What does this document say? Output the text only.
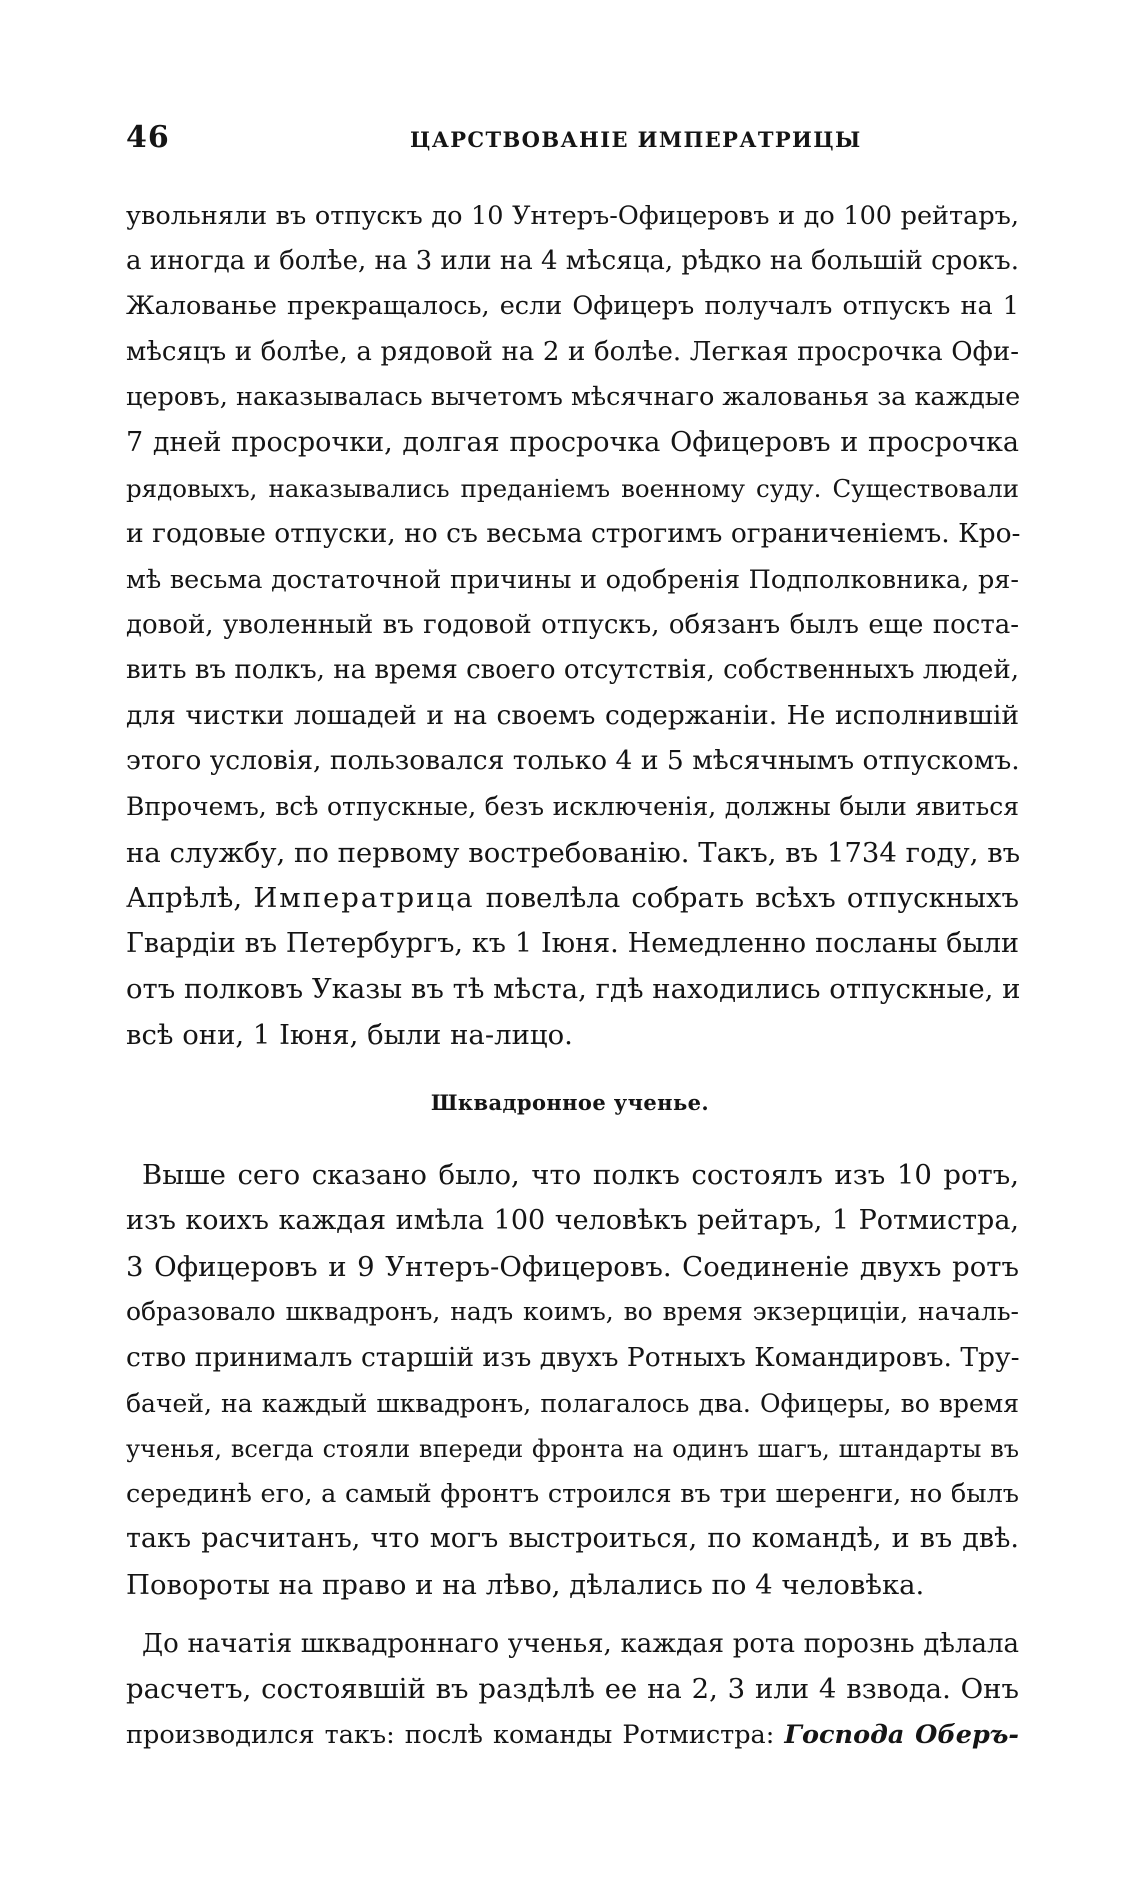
46	ЦАРСТВОВАНІЕ ИМПЕРАТРИЦЫ
увольняли въ отпускъ до 10 Унтеръ-Офицеровъ и до 100 рейтаръ,
а иногда и болѣе, на 3 или на 4 мѣсяца, рѣдко на большій срокъ.
Жалованье прекращалось, если Офицеръ получалъ отпускъ на 1
мѣсяцъ и болѣе, а рядовой на 2 и болѣе. Легкая просрочка Офи-
церовъ, наказывалась вычетомъ мѣсячнаго жалованья за каждые
7 дней просрочки, долгая просрочка Офицеровъ и просрочка
рядовыхъ, наказывались преданіемъ военному суду. Существовали
и годовые отпуски, но съ весьма строгимъ ограниченіемъ. Кро-
мѣ весьма достаточной причины и одобренія Подполковника, ря-
довой, уволенный въ годовой отпускъ, обязанъ былъ еще поста-
вить въ полкъ, на время своего отсутствія, собственныхъ людей,
для чистки лошадей и на своемъ содержаніи. Не исполнившій
этого условія, пользовался только 4 и 5 мѣсячнымъ отпускомъ.
Впрочемъ, всѣ отпускные, безъ исключенія, должны были явиться
на службу, по первому востребованію. Такъ, въ 1734 году, въ
Апрѣлѣ, Императрица повелѣла собрать всѣхъ отпускныхъ
Гвардіи въ Петербургъ, къ 1 Іюня. Немедленно посланы были
отъ полковъ Указы въ тѣ мѣста, гдѣ находились отпускные, и
всѣ они, 1 Іюня, были на-лицо.
Шквадронное ученье.
Выше сего сказано было, что полкъ состоялъ изъ 10 ротъ,
изъ коихъ каждая имѣла 100 человѣкъ рейтаръ, 1 Ротмистра,
3 Офицеровъ и 9 Унтеръ-Офицеровъ. Соединеніе двухъ ротъ
образовало шквадронъ, надъ коимъ, во время экзерциціи, началь-
ство принималъ старшій изъ двухъ Ротныхъ Командировъ. Тру-
бачей, на каждый шквадронъ, полагалось два. Офицеры, во время
ученья, всегда стояли впереди фронта на одинъ шагъ, штандарты въ
серединѣ его, а самый фронтъ строился въ три шеренги, но былъ
такъ расчитанъ, что могъ выстроиться, по командѣ, и въ двѣ.
Повороты на право и на лѣво, дѣлались по 4 человѣка.
До начатія шквадроннаго ученья, каждая рота порознь дѣлала
расчетъ, состоявшій въ раздѣлѣ ее на 2, 3 или 4 взвода. Онъ
производился такъ: послѣ команды Ротмистра: Господа Оберъ-
